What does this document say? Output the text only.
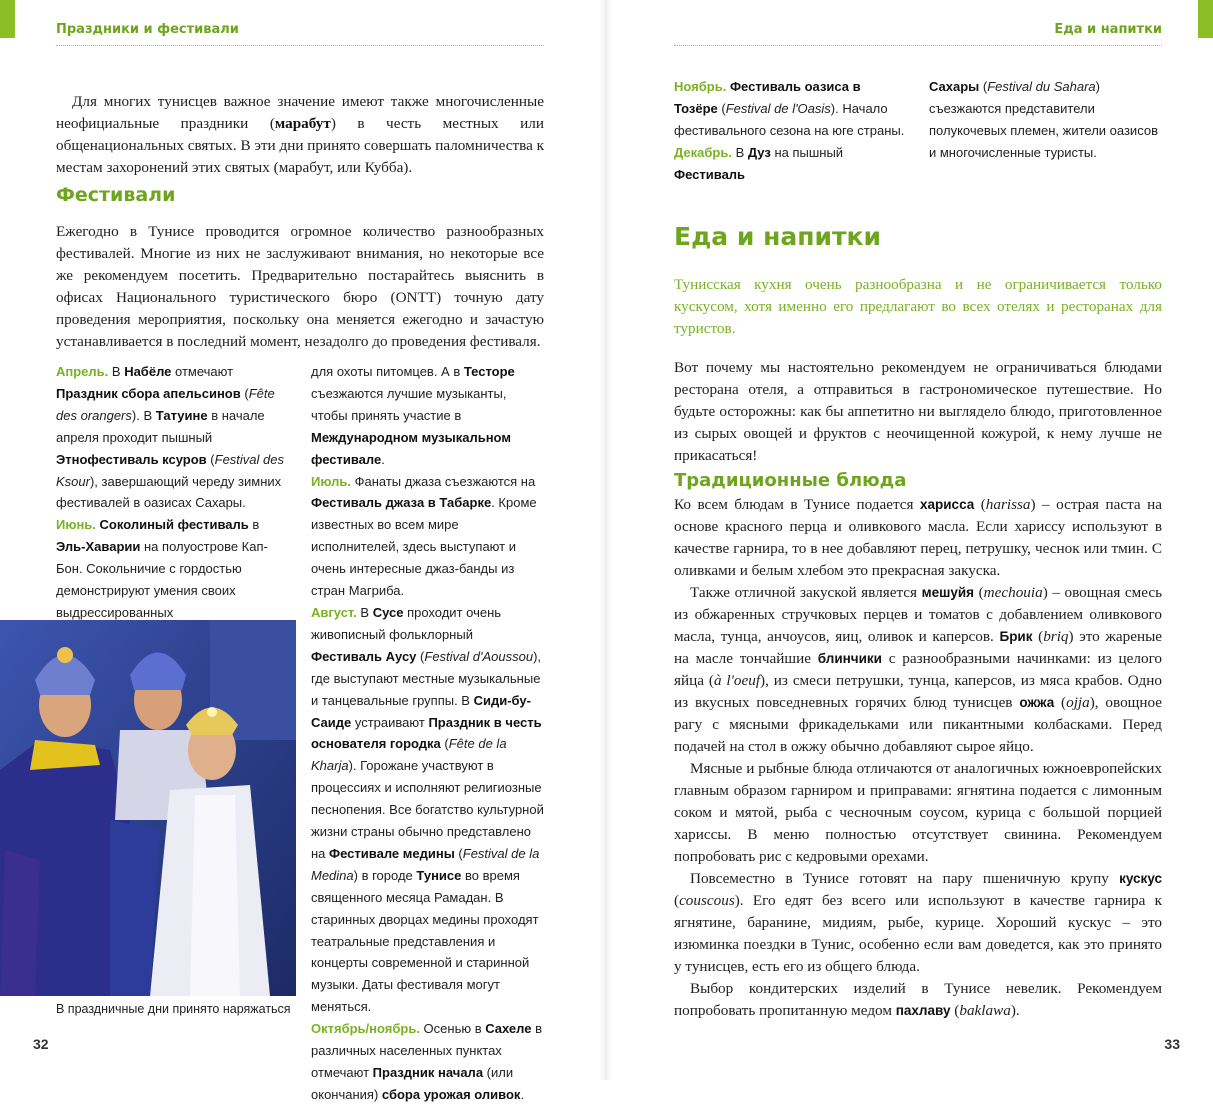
Праздники и фестивали

Для многих тунисцев важное значение имеют также многочисленные неофициальные праздники (марабут) в честь местных или общенациональных святых. В эти дни принято совершать паломничества к местам захоронений этих святых (марабут, или Кубба).

Фестивали

Ежегодно в Тунисе проводится огромное количество разнообразных фестивалей. Многие из них не заслуживают внимания, но некоторые все же рекомендуем посетить. Предварительно постарайтесь выяснить в офисах Национального туристического бюро (ONTT) точную дату проведения мероприятия, поскольку она меняется ежегодно и зачастую устанавливается в последний момент, незадолго до проведения фестиваля.

Апрель. В Набёле отмечают Праздник сбора апельсинов (Fête des orangers). В Татуине в начале апреля проходит пышный Этнофестиваль ксуров (Festival des Ksour), завершающий череду зимних фестивалей в оазисах Сахары.

Июнь. Соколиный фестиваль в Эль-Хаварии на полуострове Кап-Бон. Сокольничие с гордостью демонстрируют умения своих выдрессированных

для охоты питомцев. А в Тесторе съезжаются лучшие музыканты, чтобы принять участие в Международном музыкальном фестивале.

Июль. Фанаты джаза съезжаются на Фестиваль джаза в Табарке. Кроме известных во всем мире исполнителей, здесь выступают и очень интересные джаз-банды из стран Магриба.

Август. В Сусе проходит очень живописный фольклорный Фестиваль Аусу (Festival d'Aoussou), где выступают местные музыкальные и танцевальные группы. В Сиди-бу-Саиде устраивают Праздник в честь основателя городка (Fête de la Kharja). Горожане участвуют в процессиях и исполняют религиозные песнопения. Все богатство культурной жизни страны обычно представлено на Фестивале медины (Festival de la Medina) в городе Тунисе во время священного месяца Рамадан. В старинных дворцах медины проходят театральные представления и концерты современной и старинной музыки. Даты фестиваля могут меняться.

Октябрь/ноябрь. Осенью в Сахеле в различных населенных пунктах отмечают Праздник начала (или окончания) сбора урожая оливок.

В праздничные дни принято наряжаться

32

Еда и напитки

Ноябрь. Фестиваль оазиса в Тозёре (Festival de l'Oasis). Начало фестивального сезона на юге страны.

Декабрь. В Дуз на пышный Фестиваль

Сахары (Festival du Sahara) съезжаются представители полукочевых племен, жители оазисов и многочисленные туристы.

Еда и напитки

Тунисская кухня очень разнообразна и не ограничивается только кускусом, хотя именно его предлагают во всех отелях и ресторанах для туристов.

Вот почему мы настоятельно рекомендуем не ограничиваться блюдами ресторана отеля, а отправиться в гастрономическое путешествие. Но будьте осторожны: как бы аппетитно ни выглядело блюдо, приготовленное из сырых овощей и фруктов с неочищенной кожурой, к нему лучше не прикасаться!

Традиционные блюда

Ко всем блюдам в Тунисе подается харисса (harissa) – острая паста на основе красного перца и оливкового масла. Если хариссу используют в качестве гарнира, то в нее добавляют перец, петрушку, чеснок или тмин. С оливками и белым хлебом это прекрасная закуска.

Также отличной закуской является мешуйя (mechouia) – овощная смесь из обжаренных стручковых перцев и томатов с добавлением оливкового масла, тунца, анчоусов, яиц, оливок и каперсов. Брик (briq) это жареные на масле тончайшие блинчики с разнообразными начинками: из целого яйца (à l'oeuf), из смеси петрушки, тунца, каперсов, из мяса крабов. Одно из вкусных повседневных горячих блюд тунисцев ожжа (ojja), овощное рагу с мясными фрикадельками или пикантными колбасками. Перед подачей на стол в ожжу обычно добавляют сырое яйцо.

Мясные и рыбные блюда отличаются от аналогичных южноевропейских главным образом гарниром и приправами: ягнятина подается с лимонным соком и мятой, рыба с чесночным соусом, курица с большой порцией хариссы. В меню полностью отсутствует свинина. Рекомендуем попробовать рис с кедровыми орехами.

Повсеместно в Тунисе готовят на пару пшеничную крупу кускус (couscous). Его едят без всего или используют в качестве гарнира к ягнятине, баранине, мидиям, рыбе, курице. Хороший кускус – это изюминка поездки в Тунис, особенно если вам доведется, как это принято у тунисцев, есть его из общего блюда.

Выбор кондитерских изделий в Тунисе невелик. Рекомендуем попробовать пропитанную медом пахлаву (baklawa).

33
